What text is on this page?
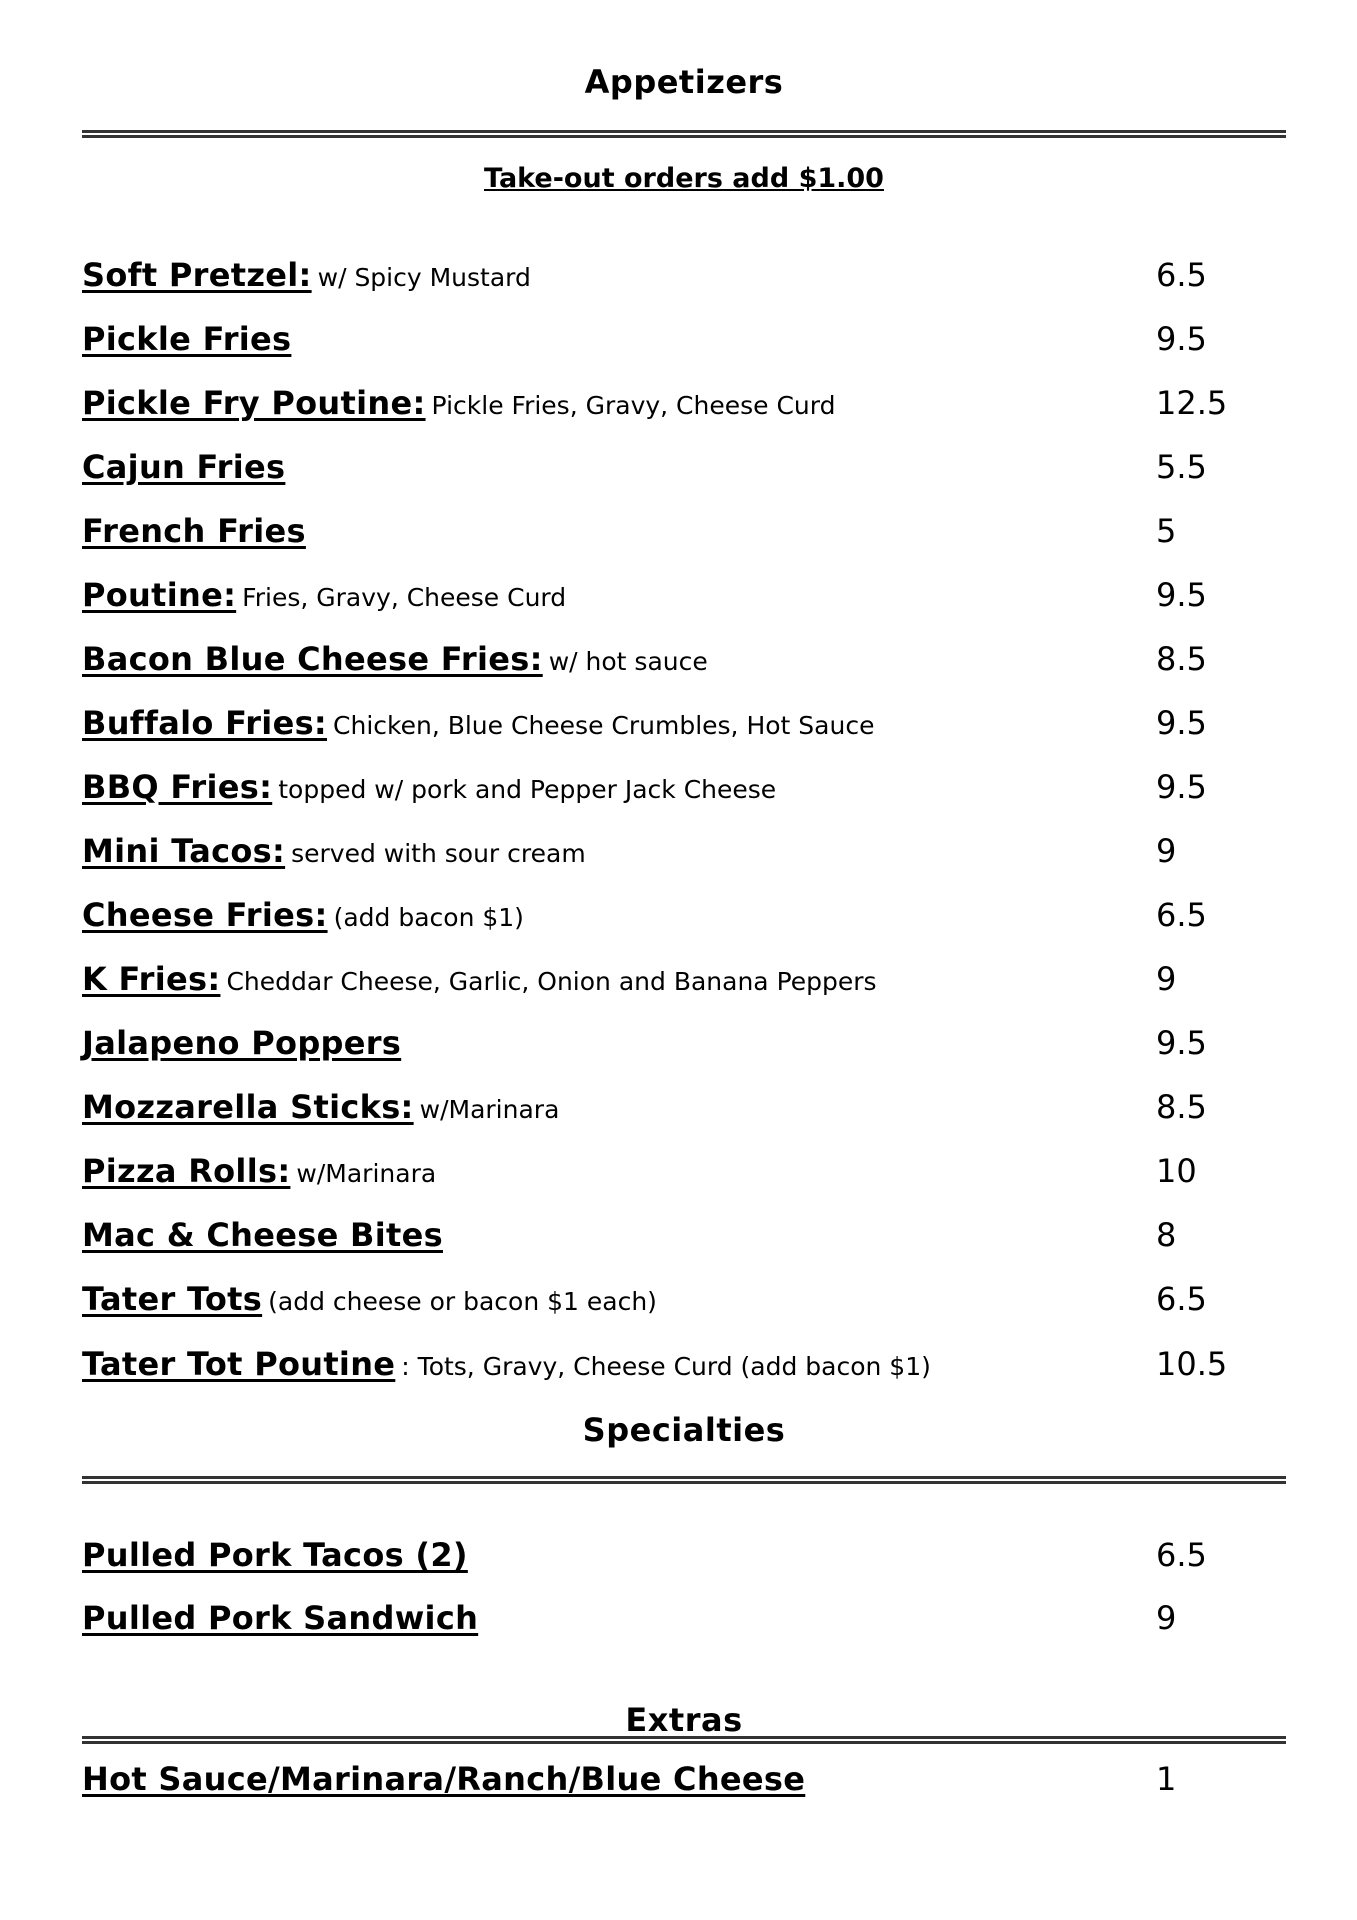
Appetizers
Take-out orders add $1.00
Soft Pretzel: w/ Spicy Mustard	6.5
Pickle Fries	9.5
Pickle Fry Poutine: Pickle Fries, Gravy, Cheese Curd	12.5
Cajun Fries	5.5
French Fries	5
Poutine: Fries, Gravy, Cheese Curd	9.5
Bacon Blue Cheese Fries: w/ hot sauce	8.5
Buffalo Fries: Chicken, Blue Cheese Crumbles, Hot Sauce	9.5
BBQ Fries: topped w/ pork and Pepper Jack Cheese	9.5
Mini Tacos: served with sour cream	9
Cheese Fries: (add bacon $1)	6.5
K Fries: Cheddar Cheese, Garlic, Onion and Banana Peppers	9
Jalapeno Poppers	9.5
Mozzarella Sticks: w/Marinara	8.5
Pizza Rolls: w/Marinara	10
Mac & Cheese Bites	8
Tater Tots (add cheese or bacon $1 each)	6.5
Tater Tot Poutine : Tots, Gravy, Cheese Curd (add bacon $1)	10.5
Specialties
Pulled Pork Tacos (2)	6.5
Pulled Pork Sandwich	9
Extras
Hot Sauce/Marinara/Ranch/Blue Cheese	1
